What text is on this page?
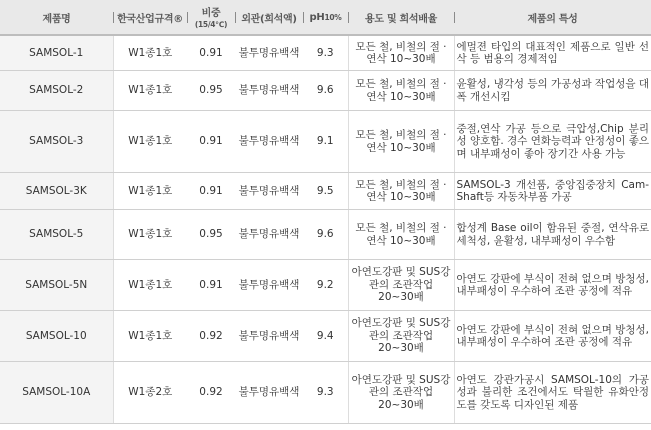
제품명	한국산업규격®	비중(15/4℃)	외관(희석액)	pH10%	용도 및 희석배율	제품의 특성
SAMSOL-1	W1종1호	0.91	불투명유백색	9.3	모든 철, 비철의 절 · 연삭 10~30배	에멀젼 타입의 대표적인 제품으로 일반 선삭 등 범용의 경제적임
SAMSOL-2	W1종1호	0.95	불투명유백색	9.6	모든 철, 비철의 절 · 연삭 10~30배	윤활성, 냉각성 등의 가공성과 작업성을 대폭 개선시킴
SAMSOL-3	W1종1호	0.91	불투명유백색	9.1	모든 철, 비철의 절 · 연삭 10~30배	중절,연삭 가공 등으로 극압성,Chip 분리성 양호함. 경수 연화능력과 안정성이 좋으며 내부패성이 좋아 장기간 사용 가능
SAMSOL-3K	W1종1호	0.91	불투명유백색	9.5	모든 철, 비철의 절 · 연삭 10~30배	SAMSOL-3 개선품, 중앙집중장치 Cam-Shaft등 자동차부품 가공
SAMSOL-5	W1종1호	0.95	불투명유백색	9.6	모든 철, 비철의 절 · 연삭 10~30배	합성계 Base oil이 함유된 중절, 연삭유로 세척성, 윤활성, 내부패성이 우수함
SAMSOL-5N	W1종1호	0.91	불투명유백색	9.2	아연도강판 및 SUS강관의 조관작업 20~30배	아연도 강판에 부식이 전혀 없으며 방청성, 내부패성이 우수하여 조관 공정에 적유
SAMSOL-10	W1종1호	0.92	불투명유백색	9.4	아연도강판 및 SUS강관의 조관작업 20~30배	아연도 강판에 부식이 전혀 없으며 방청성, 내부패성이 우수하여 조관 공정에 적유
SAMSOL-10A	W1종2호	0.92	불투명유백색	9.3	아연도강판 및 SUS강관의 조관작업 20~30배	아연도 강관가공시 SAMSOL-10의 가공성과 불리한 조건에서도 탁월한 유화안정도를 갖도록 디자인된 제품
